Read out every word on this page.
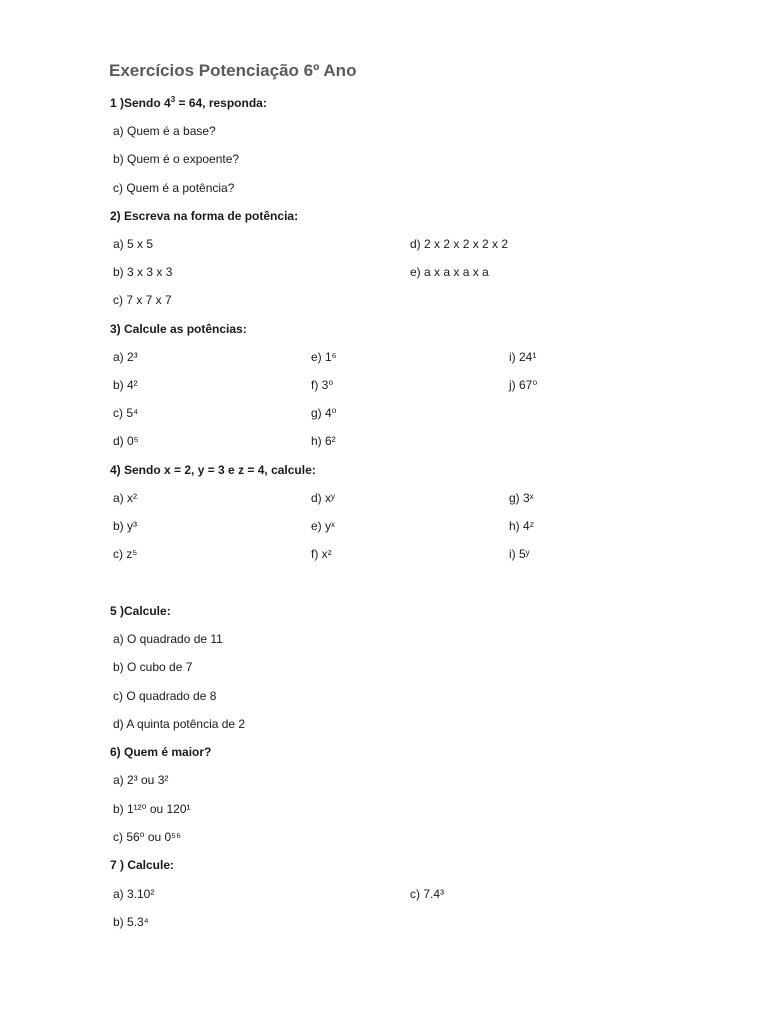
Exercícios Potenciação 6º Ano
1 )Sendo $4^3 = 64$, responda:
a) Quem é a base?
b) Quem é o expoente?
c) Quem é a potência?
2) Escreva na forma de potência:
a) 5 x 5	d) 2 x 2 x 2 x 2 x 2
b) 3 x 3 x 3	e) a x a x a x a
c) 7 x 7 x 7
3) Calcule as potências:
a) 2³	e) 1⁶	i) 24¹
b) 4²	f) 3⁰	j) 67⁰
c) 5⁴	g) 4⁰
d) 0⁵	h) 6²
4) Sendo x = 2, y = 3 e z = 4, calcule:
a) x²	d) xʸ	g) 3ˣ
b) y³	e) yˣ	h) 4ᶻ
c) z⁵	f) xᶻ	i) 5ʸ
5 )Calcule:
a) O quadrado de 11
b) O cubo de 7
c) O quadrado de 8
d) A quinta potência de 2
6) Quem é maior?
a) 2³ ou 3²
b) 1¹²⁰ ou 120¹
c) 56⁰ ou 0⁵⁶
7 ) Calcule:
a) 3.10²	c) 7.4³
b) 5.3⁴
